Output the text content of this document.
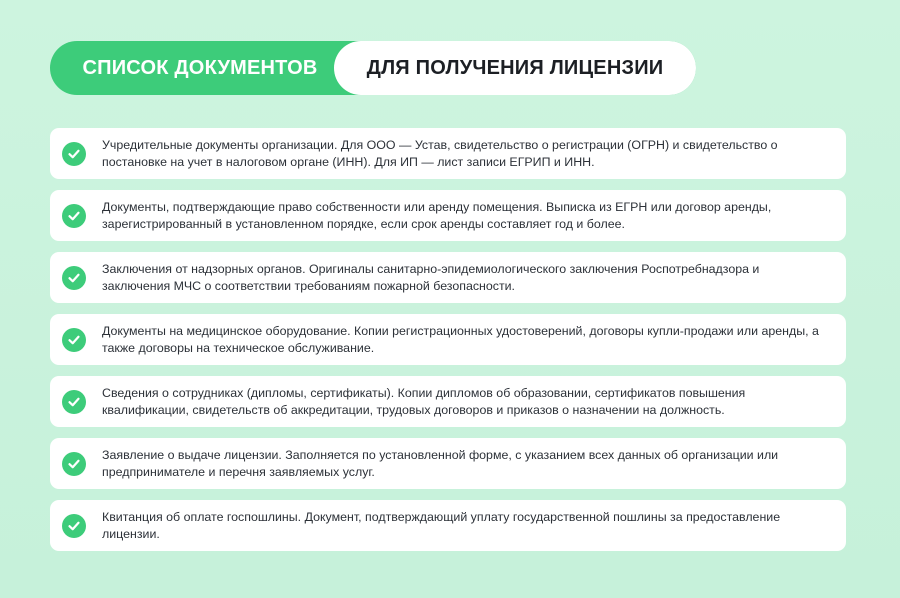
СПИСОК ДОКУМЕНТОВ	ДЛЯ ПОЛУЧЕНИЯ ЛИЦЕНЗИИ
Учредительные документы организации. Для ООО — Устав, свидетельство о регистрации (ОГРН) и свидетельство о постановке на учет в налоговом органе (ИНН). Для ИП — лист записи ЕГРИП и ИНН.
Документы, подтверждающие право собственности или аренду помещения. Выписка из ЕГРН или договор аренды, зарегистрированный в установленном порядке, если срок аренды составляет год и более.
Заключения от надзорных органов. Оригиналы санитарно-эпидемиологического заключения Роспотребнадзора и заключения МЧС о соответствии требованиям пожарной безопасности.
Документы на медицинское оборудование. Копии регистрационных удостоверений, договоры купли-продажи или аренды, а также договоры на техническое обслуживание.
Сведения о сотрудниках (дипломы, сертификаты). Копии дипломов об образовании, сертификатов повышения квалификации, свидетельств об аккредитации, трудовых договоров и приказов о назначении на должность.
Заявление о выдаче лицензии. Заполняется по установленной форме, с указанием всех данных об организации или предпринимателе и перечня заявляемых услуг.
Квитанция об оплате госпошлины. Документ, подтверждающий уплату государственной пошлины за предоставление лицензии.
